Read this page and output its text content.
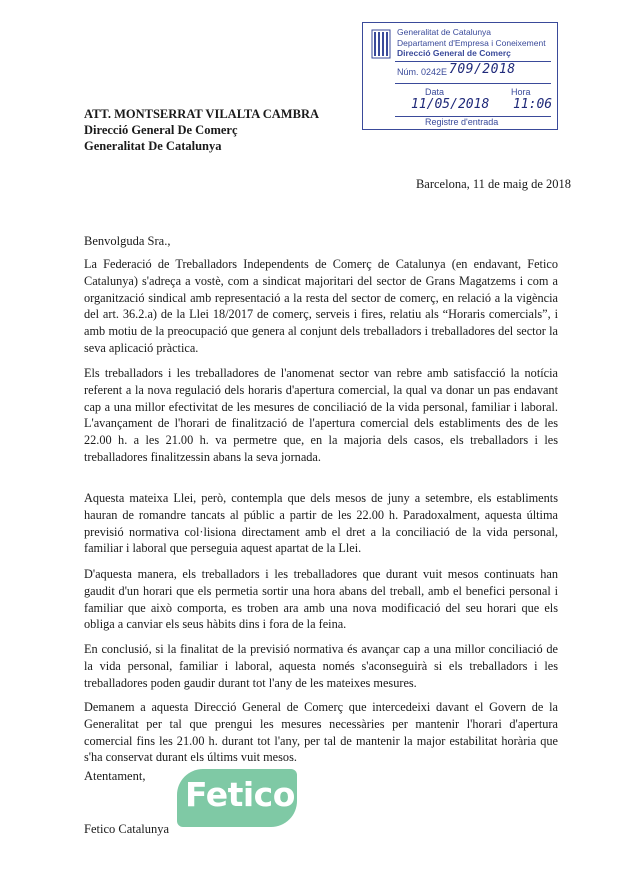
Generalitat de Catalunya
Departament d'Empresa i Coneixement
Direcció General de Comerç
Núm. 0242E -
709/2018
Data	Hora
11/05/2018 11:06
Registre d'entrada
ATT. MONTSERRAT VILALTA CAMBRA
Direcció General De Comerç
Generalitat De Catalunya
Barcelona, 11 de maig de 2018
Benvolguda Sra.,

La Federació de Treballadors Independents de Comerç de Catalunya (en endavant, Fetico Catalunya) s'adreça a vostè, com a sindicat majoritari del sector de Grans Magatzems i com a organització sindical amb representació a la resta del sector de comerç, en relació a la vigència del art. 36.2.a) de la Llei 18/2017 de comerç, serveis i fires, relatiu als “Horaris comercials”, i amb motiu de la preocupació que genera al conjunt dels treballadors i treballadores del sector la seva aplicació pràctica.

Els treballadors i les treballadores de l'anomenat sector van rebre amb satisfacció la notícia referent a la nova regulació dels horaris d'apertura comercial, la qual va donar un pas endavant cap a una millor efectivitat de les mesures de conciliació de la vida personal, familiar i laboral. L'avançament de l'horari de finalització de l'apertura comercial dels establiments des de les 22.00 h. a les 21.00 h. va permetre que, en la majoria dels casos, els treballadors i les treballadores finalitzessin abans la seva jornada.

Aquesta mateixa Llei, però, contempla que dels mesos de juny a setembre, els establiments hauran de romandre tancats al públic a partir de les 22.00 h. Paradoxalment, aquesta última previsió normativa col·lisiona directament amb el dret a la conciliació de la vida personal, familiar i laboral que perseguia aquest apartat de la Llei.

D'aquesta manera, els treballadors i les treballadores que durant vuit mesos continuats han gaudit d'un horari que els permetia sortir una hora abans del treball, amb el benefici personal i familiar que això comporta, es troben ara amb una nova modificació del seu horari que els obliga a canviar els seus hàbits dins i fora de la feina.

En conclusió, si la finalitat de la previsió normativa és avançar cap a una millor conciliació de la vida personal, familiar i laboral, aquesta només s'aconseguirà si els treballadors i les treballadores poden gaudir durant tot l'any de les mateixes mesures.

Demanem a aquesta Direcció General de Comerç que intercedeixi davant el Govern de la Generalitat per tal que prengui les mesures necessàries per mantenir l'horari d'apertura comercial fins les 21.00 h. durant tot l'any, per tal de mantenir la major estabilitat horària que s'ha conservat durant els últims vuit mesos.

Atentament, Fetico
Fetico Catalunya
